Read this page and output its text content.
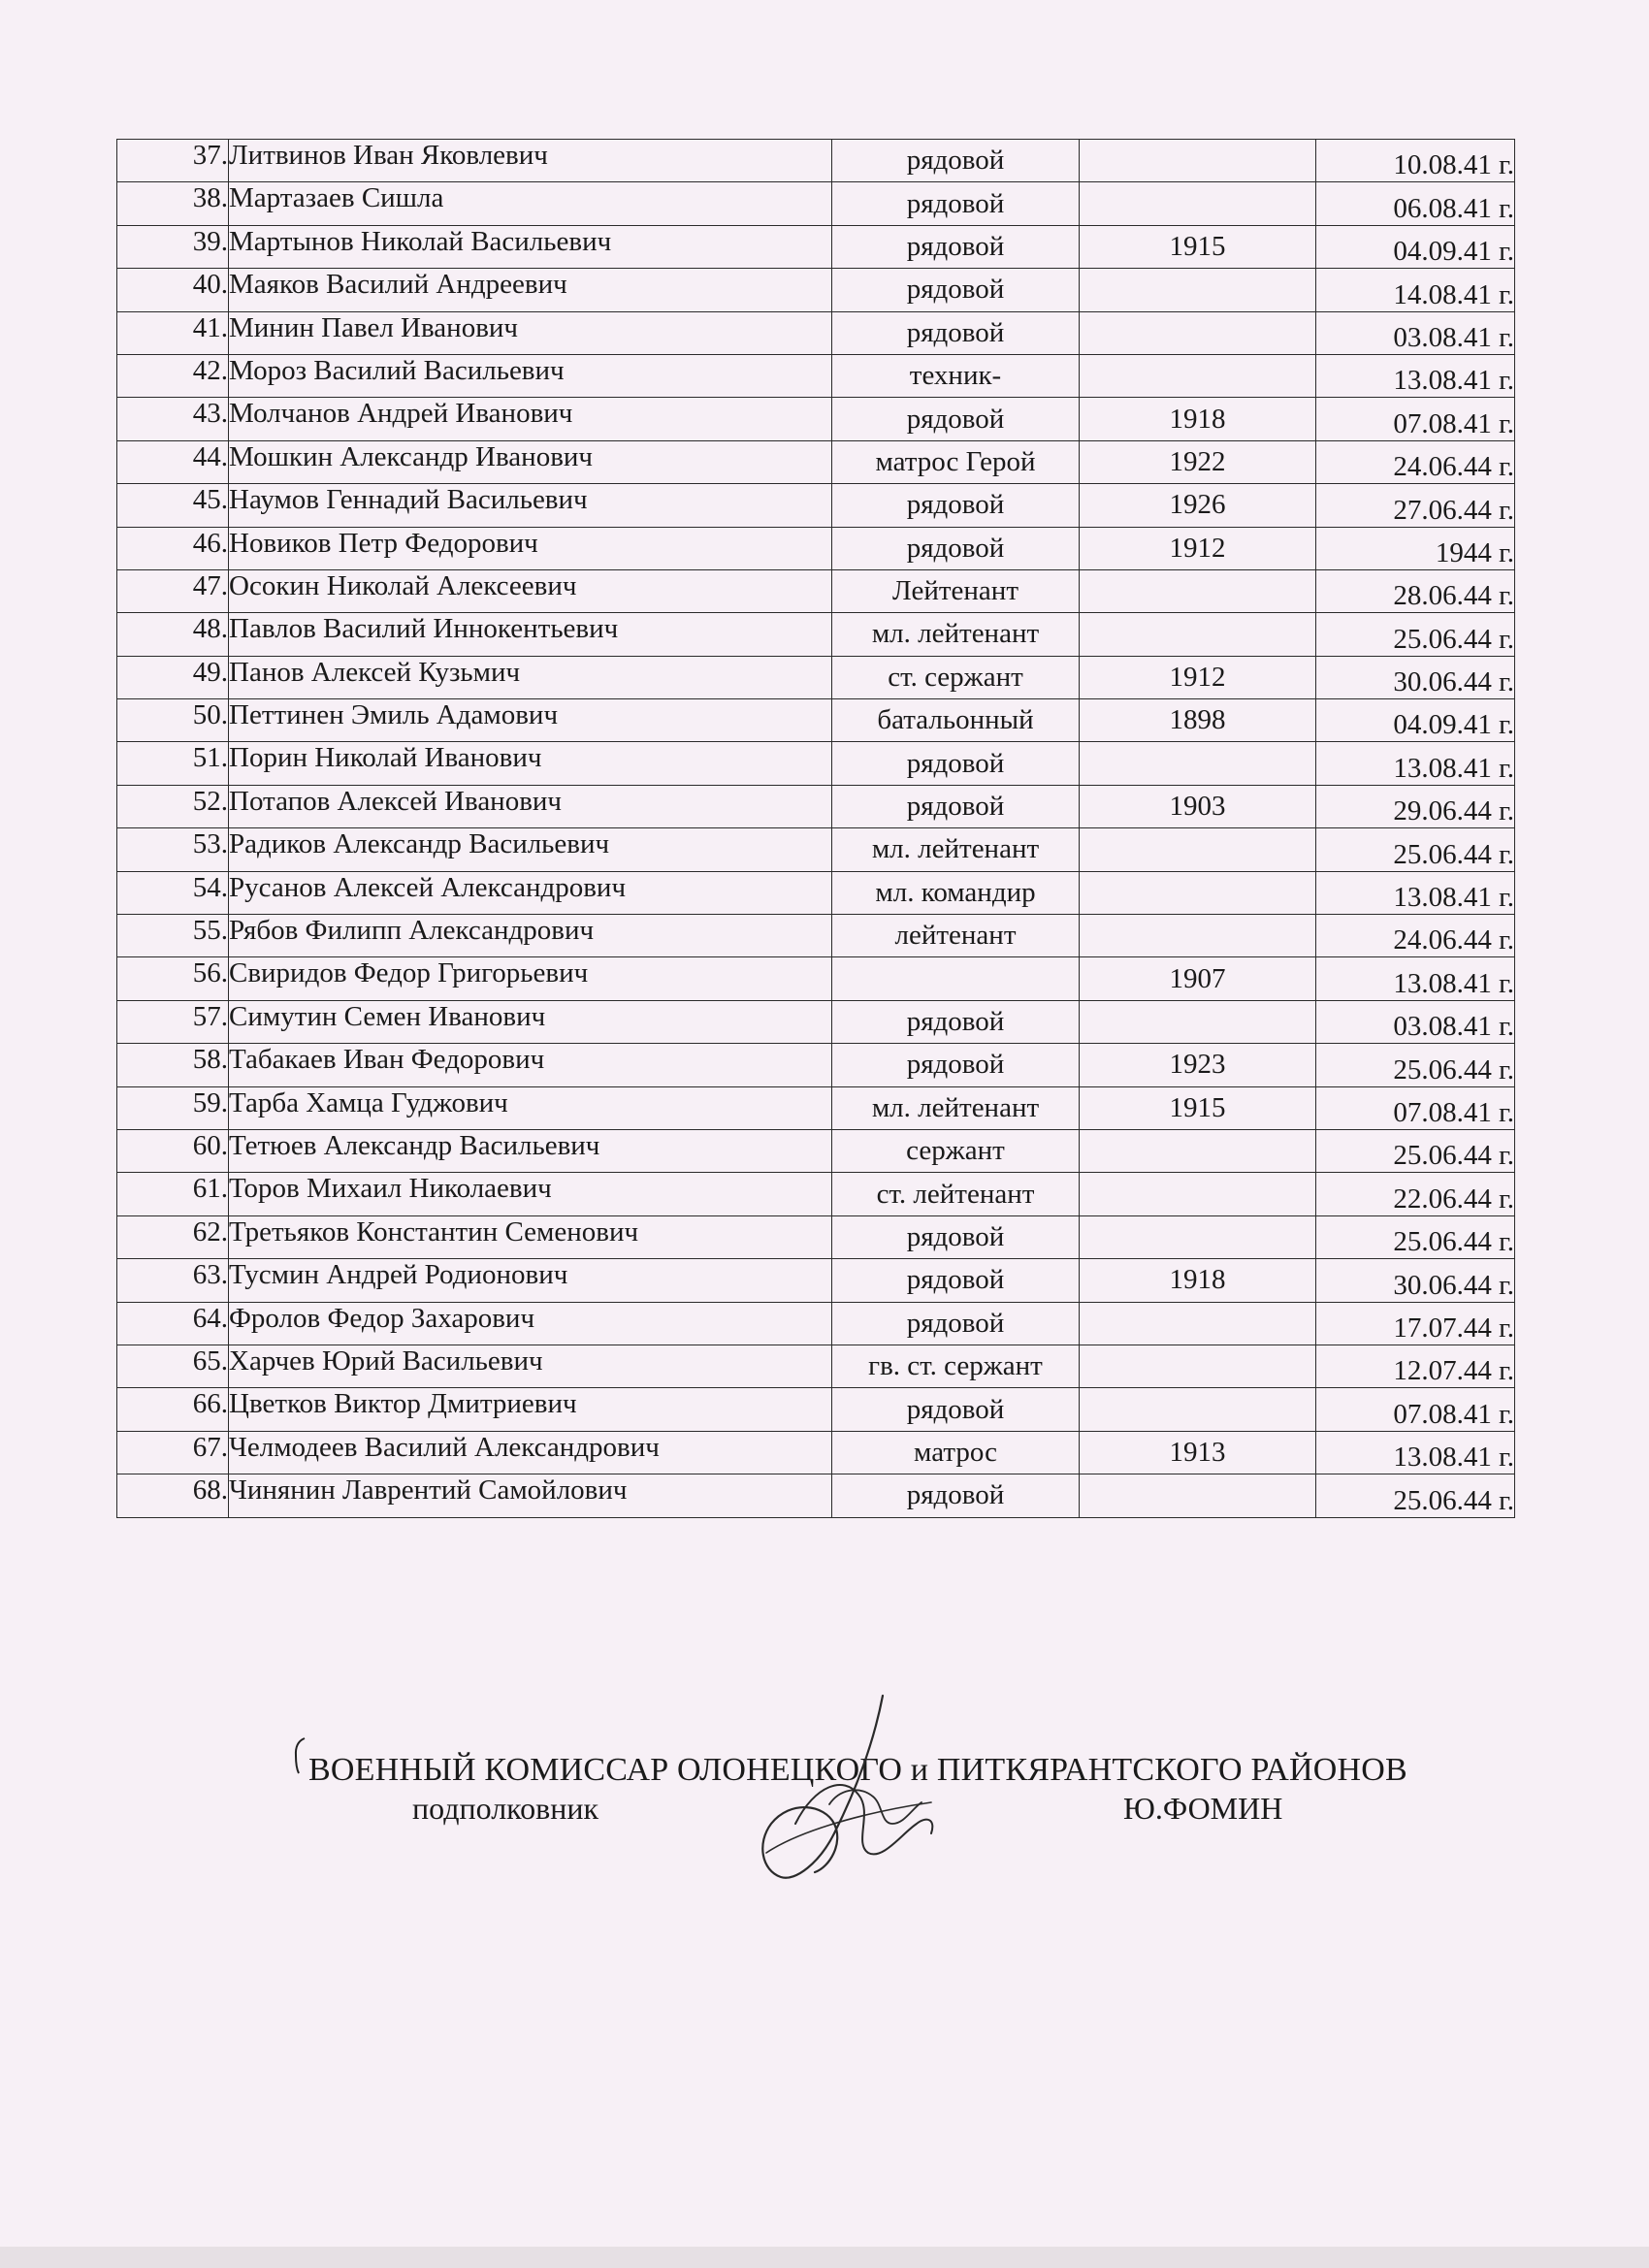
37.	Литвинов Иван Яковлевич	рядовой		10.08.41 г.
38.	Мартазаев Сишла	рядовой		06.08.41 г.
39.	Мартынов Николай Васильевич	рядовой	1915	04.09.41 г.
40.	Маяков Василий Андреевич	рядовой		14.08.41 г.
41.	Минин Павел Иванович	рядовой		03.08.41 г.
42.	Мороз Василий Васильевич	техник-		13.08.41 г.
43.	Молчанов Андрей Иванович	рядовой	1918	07.08.41 г.
44.	Мошкин Александр Иванович	матрос Герой	1922	24.06.44 г.
45.	Наумов Геннадий Васильевич	рядовой	1926	27.06.44 г.
46.	Новиков Петр Федорович	рядовой	1912	1944 г.
47.	Осокин Николай Алексеевич	Лейтенант		28.06.44 г.
48.	Павлов Василий Иннокентьевич	мл. лейтенант		25.06.44 г.
49.	Панов Алексей Кузьмич	ст. сержант	1912	30.06.44 г.
50.	Петтинен Эмиль Адамович	батальонный	1898	04.09.41 г.
51.	Порин Николай Иванович	рядовой		13.08.41 г.
52.	Потапов Алексей Иванович	рядовой	1903	29.06.44 г.
53.	Радиков Александр Васильевич	мл. лейтенант		25.06.44 г.
54.	Русанов Алексей Александрович	мл. командир		13.08.41 г.
55.	Рябов Филипп Александрович	лейтенант		24.06.44 г.
56.	Свиридов Федор Григорьевич		1907	13.08.41 г.
57.	Симутин Семен Иванович	рядовой		03.08.41 г.
58.	Табакаев Иван Федорович	рядовой	1923	25.06.44 г.
59.	Тарба Хамца Гуджович	мл. лейтенант	1915	07.08.41 г.
60.	Тетюев Александр Васильевич	сержант		25.06.44 г.
61.	Торов Михаил Николаевич	ст. лейтенант		22.06.44 г.
62.	Третьяков Константин Семенович	рядовой		25.06.44 г.
63.	Тусмин Андрей Родионович	рядовой	1918	30.06.44 г.
64.	Фролов Федор Захарович	рядовой		17.07.44 г.
65.	Харчев Юрий Васильевич	гв. ст. сержант		12.07.44 г.
66.	Цветков Виктор Дмитриевич	рядовой		07.08.41 г.
67.	Челмодеев Василий Александрович	матрос	1913	13.08.41 г.
68.	Чинянин Лаврентий Самойлович	рядовой		25.06.44 г.
ВОЕННЫЙ КОМИССАР ОЛОНЕЦКОГО и ПИТКЯРАНТСКОГО РАЙОНОВ
подполковник	Ю.ФОМИН
